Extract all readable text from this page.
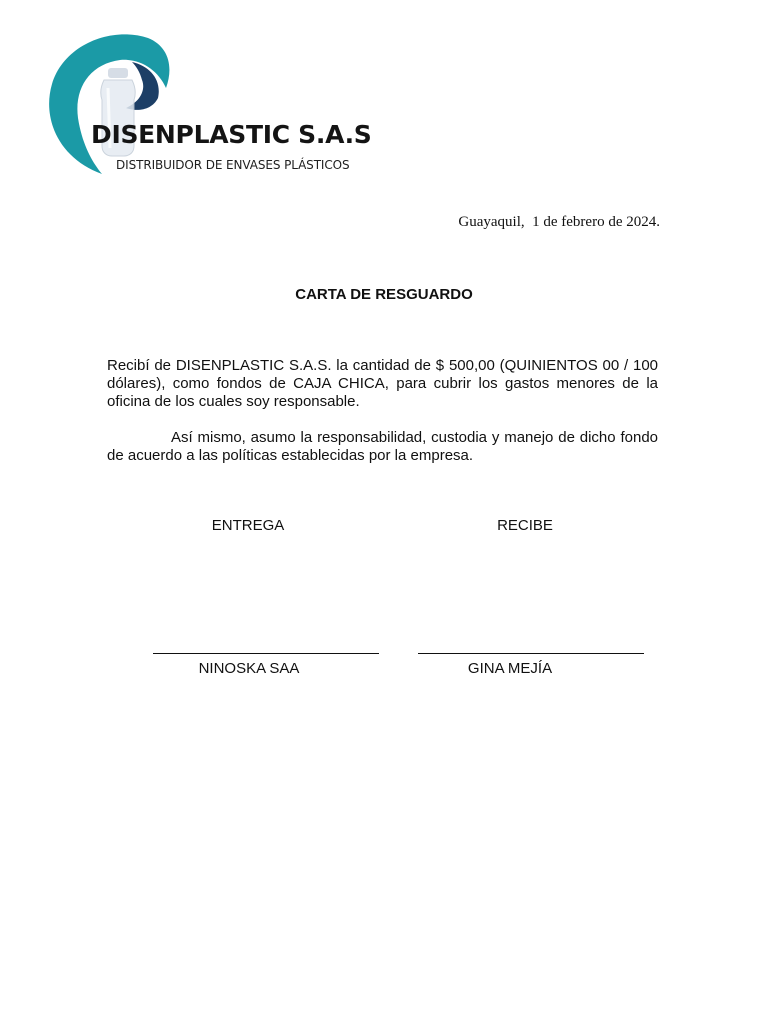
DISENPLASTIC S.A.S
DISTRIBUIDOR DE ENVASES PLÁSTICOS
Guayaquil,  1 de febrero de 2024.
CARTA DE RESGUARDO
Recibí de DISENPLASTIC S.A.S. la cantidad de $ 500,00 (QUINIENTOS 00 / 100 dólares), como fondos de CAJA CHICA, para cubrir los gastos menores de la oficina de los cuales soy responsable.
Así mismo, asumo la responsabilidad, custodia y manejo de dicho fondo de acuerdo a las políticas establecidas por la empresa.
ENTREGA	RECIBE
NINOSKA SAA	GINA MEJÍA
